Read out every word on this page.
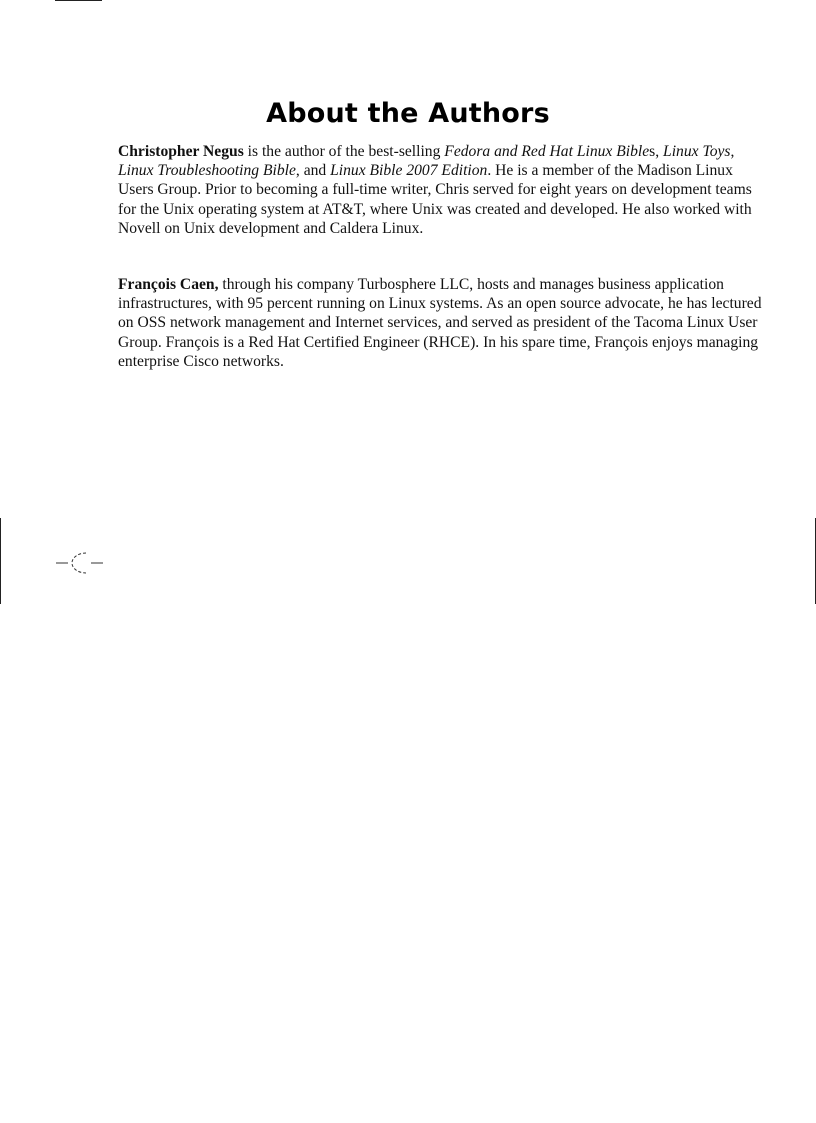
About the Authors

Christopher Negus is the author of the best-selling Fedora and Red Hat Linux Bibles, Linux Toys, Linux Troubleshooting Bible, and Linux Bible 2007 Edition. He is a member of the Madison Linux Users Group. Prior to becoming a full-time writer, Chris served for eight years on development teams for the Unix operating system at AT&T, where Unix was created and developed. He also worked with Novell on Unix development and Caldera Linux.

François Caen, through his company Turbosphere LLC, hosts and manages business application infrastructures, with 95 percent running on Linux systems. As an open source advocate, he has lectured on OSS network management and Internet services, and served as president of the Tacoma Linux User Group. François is a Red Hat Certified Engineer (RHCE). In his spare time, François enjoys managing enterprise Cisco networks.
